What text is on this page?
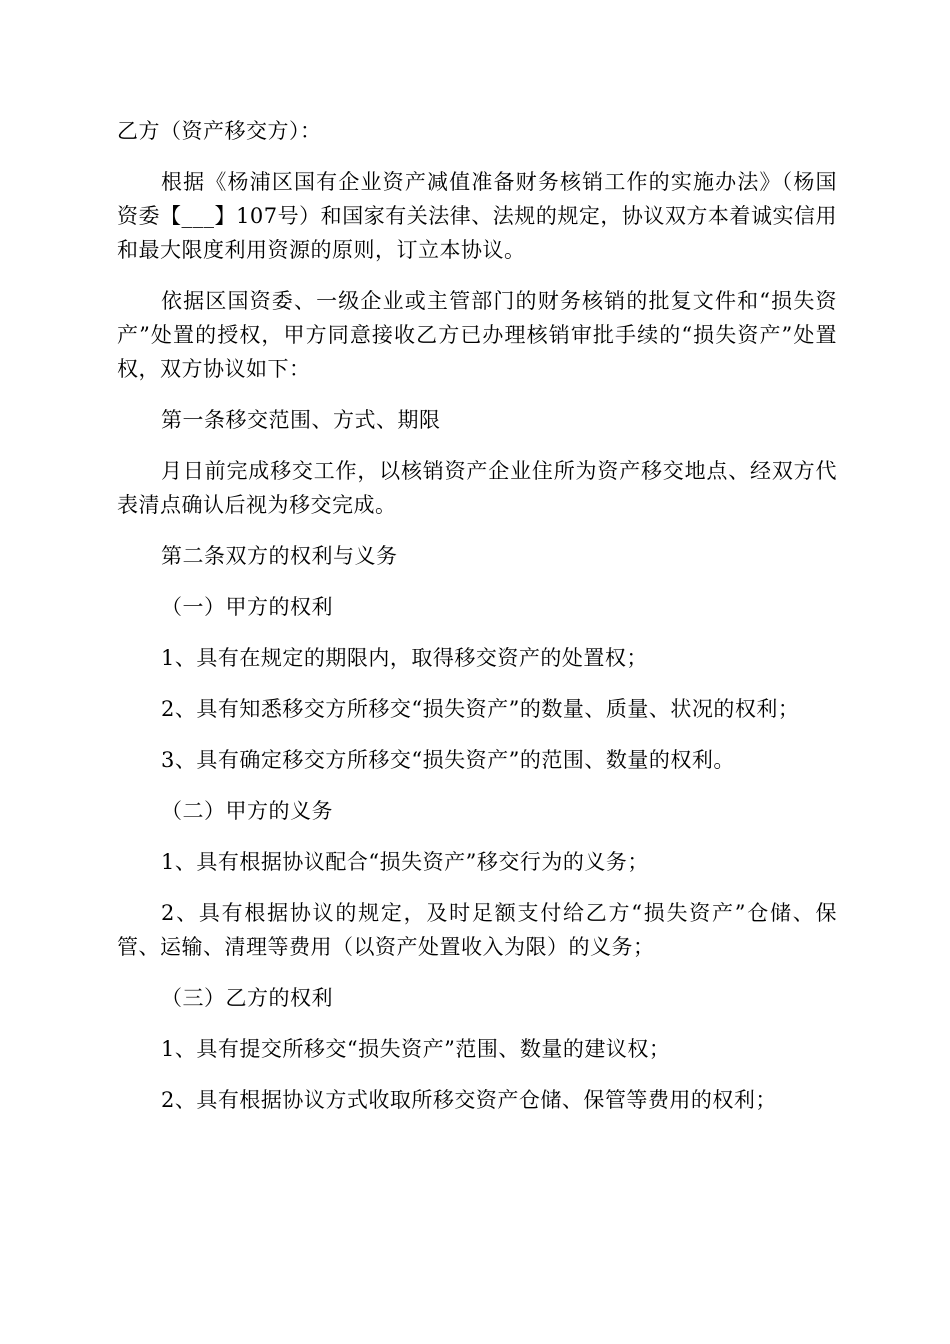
乙方（资产移交方）：

根据《杨浦区国有企业资产减值准备财务核销工作的实施办法》（杨国资委【___】107号）和国家有关法律、法规的规定，协议双方本着诚实信用和最大限度利用资源的原则，订立本协议。

依据区国资委、一级企业或主管部门的财务核销的批复文件和“损失资产”处置的授权，甲方同意接收乙方已办理核销审批手续的“损失资产”处置权，双方协议如下：

第一条移交范围、方式、期限

月日前完成移交工作，以核销资产企业住所为资产移交地点、经双方代表清点确认后视为移交完成。

第二条双方的权利与义务

（一）甲方的权利

1、具有在规定的期限内，取得移交资产的处置权；

2、具有知悉移交方所移交“损失资产”的数量、质量、状况的权利；

3、具有确定移交方所移交“损失资产”的范围、数量的权利。

（二）甲方的义务

1、具有根据协议配合“损失资产”移交行为的义务；

2、具有根据协议的规定，及时足额支付给乙方“损失资产”仓储、保管、运输、清理等费用（以资产处置收入为限）的义务；

（三）乙方的权利

1、具有提交所移交“损失资产”范围、数量的建议权；

2、具有根据协议方式收取所移交资产仓储、保管等费用的权利；
